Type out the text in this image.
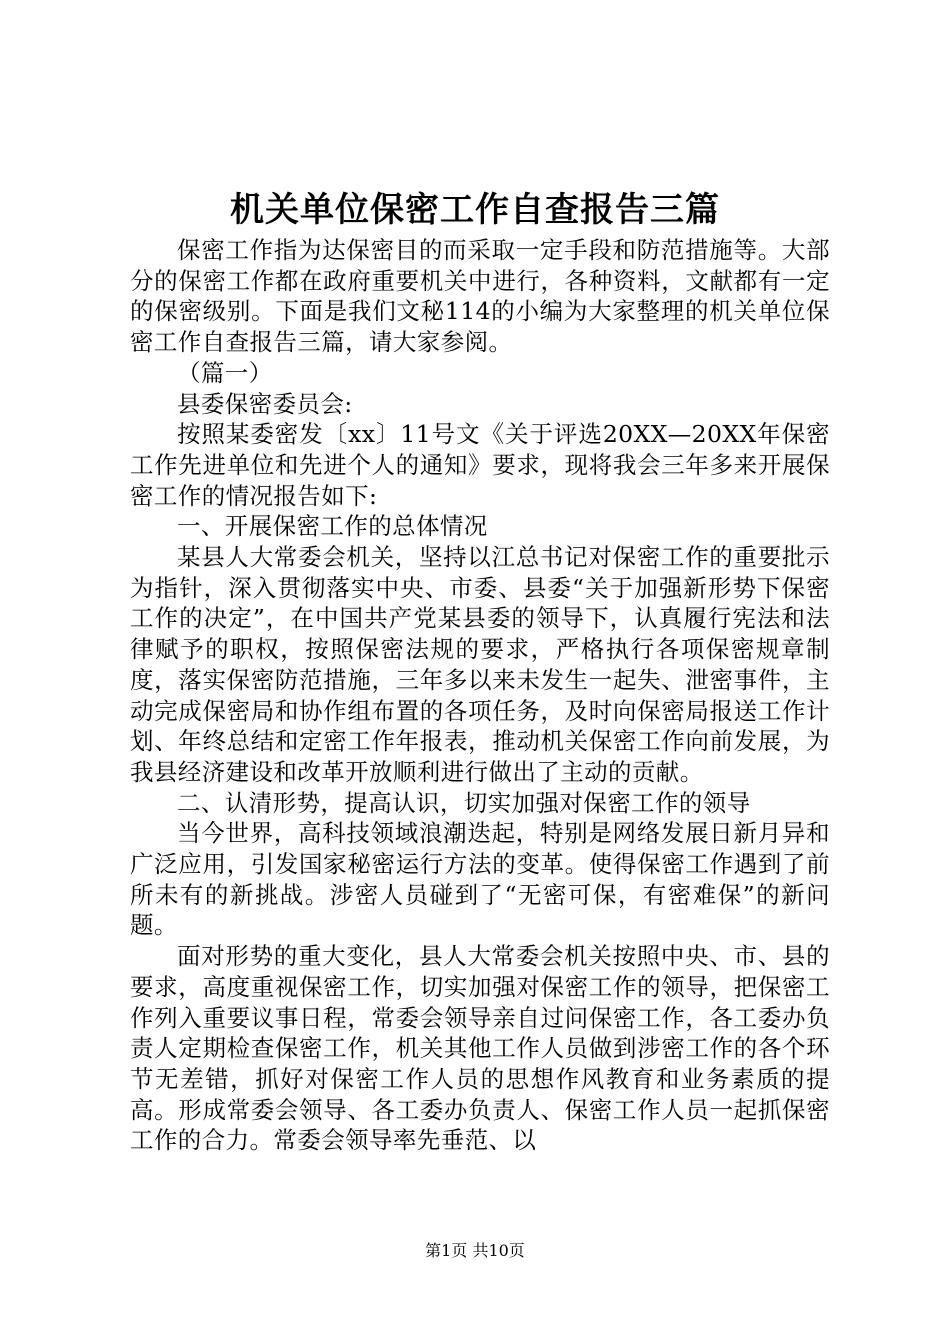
机关单位保密工作自查报告三篇

保密工作指为达保密目的而采取一定手段和防范措施等。大部分的保密工作都在政府重要机关中进行，各种资料，文献都有一定的保密级别。下面是我们文秘114的小编为大家整理的机关单位保密工作自查报告三篇，请大家参阅。

（篇一）

县委保密委员会:

按照某委密发〔xx〕11号文《关于评选20XX—20XX年保密工作先进单位和先进个人的通知》要求，现将我会三年多来开展保密工作的情况报告如下:

一、开展保密工作的总体情况

某县人大常委会机关，坚持以江总书记对保密工作的重要批示为指针，深入贯彻落实中央、市委、县委“关于加强新形势下保密工作的决定”，在中国共产党某县委的领导下，认真履行宪法和法律赋予的职权，按照保密法规的要求，严格执行各项保密规章制度，落实保密防范措施，三年多以来未发生一起失、泄密事件，主动完成保密局和协作组布置的各项任务，及时向保密局报送工作计划、年终总结和定密工作年报表，推动机关保密工作向前发展，为我县经济建设和改革开放顺利进行做出了主动的贡献。

二、认清形势，提高认识，切实加强对保密工作的领导

当今世界，高科技领域浪潮迭起，特别是网络发展日新月异和广泛应用，引发国家秘密运行方法的变革。使得保密工作遇到了前所未有的新挑战。涉密人员碰到了“无密可保，有密难保”的新问题。

面对形势的重大变化，县人大常委会机关按照中央、市、县的要求，高度重视保密工作，切实加强对保密工作的领导，把保密工作列入重要议事日程，常委会领导亲自过问保密工作，各工委办负责人定期检查保密工作，机关其他工作人员做到涉密工作的各个环节无差错，抓好对保密工作人员的思想作风教育和业务素质的提高。形成常委会领导、各工委办负责人、保密工作人员一起抓保密工作的合力。常委会领导率先垂范、以

第1页 共10页
